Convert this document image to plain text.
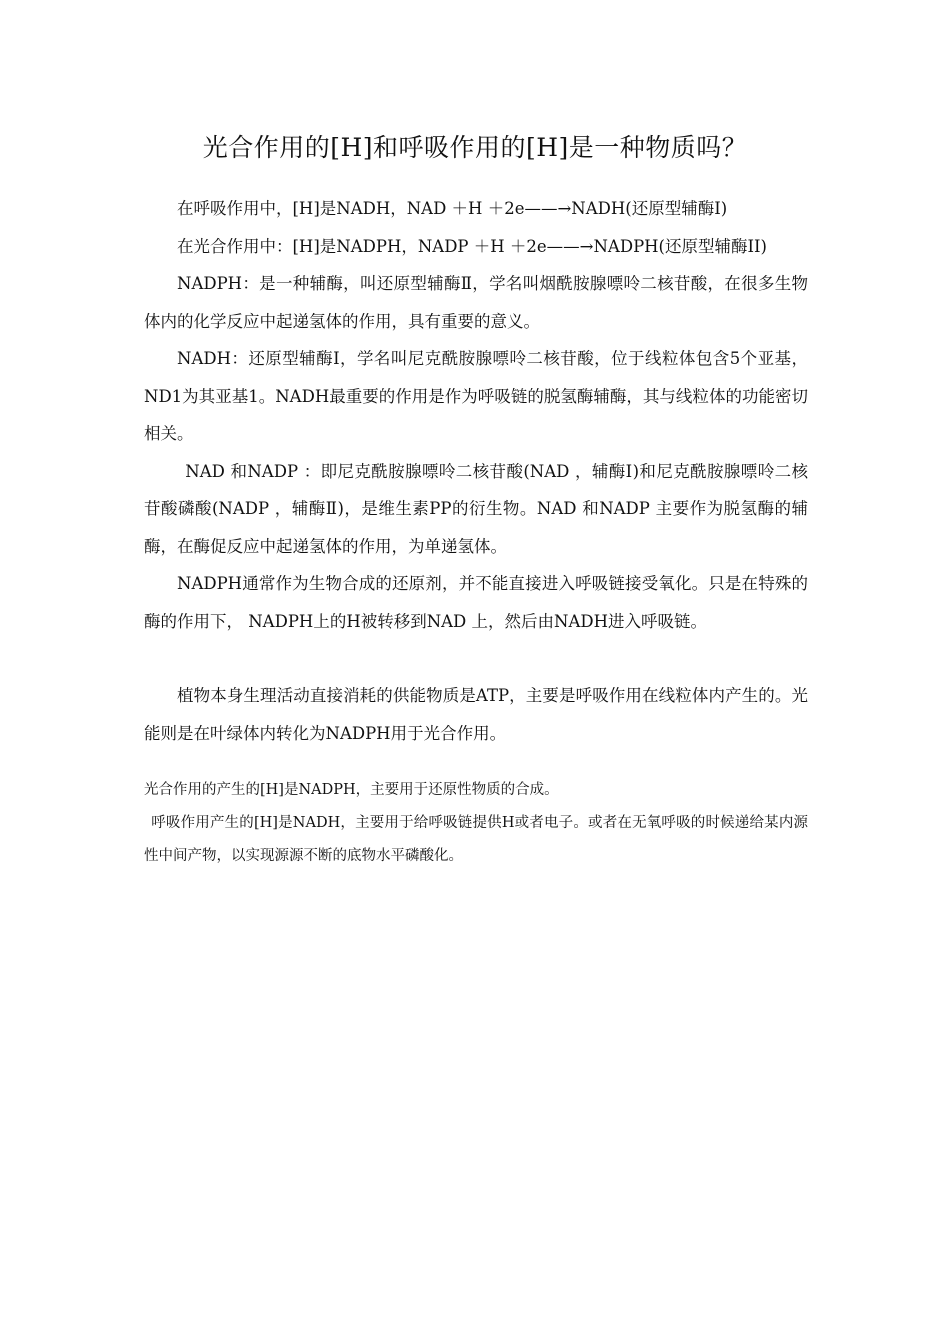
光合作用的[H]和呼吸作用的[H]是一种物质吗？

在呼吸作用中，[H]是NADH，NAD ＋H ＋2e——→NADH(还原型辅酶Ⅰ)

在光合作用中：[H]是NADPH，NADP ＋H ＋2e——→NADPH(还原型辅酶II)

NADPH：是一种辅酶，叫还原型辅酶Ⅱ，学名叫烟酰胺腺嘌呤二核苷酸，在很多生物体内的化学反应中起递氢体的作用，具有重要的意义。

NADH：还原型辅酶Ⅰ，学名叫尼克酰胺腺嘌呤二核苷酸，位于线粒体包含5个亚基，ND1为其亚基1。NADH最重要的作用是作为呼吸链的脱氢酶辅酶，其与线粒体的功能密切相关。

NAD 和NADP ：即尼克酰胺腺嘌呤二核苷酸(NAD ，辅酶Ⅰ)和尼克酰胺腺嘌呤二核苷酸磷酸(NADP ，辅酶Ⅱ)，是维生素PP的衍生物。NAD 和NADP 主要作为脱氢酶的辅酶，在酶促反应中起递氢体的作用，为单递氢体。

NADPH通常作为生物合成的还原剂，并不能直接进入呼吸链接受氧化。只是在特殊的酶的作用下， NADPH上的H被转移到NAD 上，然后由NADH进入呼吸链。

植物本身生理活动直接消耗的供能物质是ATP，主要是呼吸作用在线粒体内产生的。光能则是在叶绿体内转化为NADPH用于光合作用。

光合作用的产生的[H]是NADPH，主要用于还原性物质的合成。

呼吸作用产生的[H]是NADH，主要用于给呼吸链提供H或者电子。或者在无氧呼吸的时候递给某内源性中间产物，以实现源源不断的底物水平磷酸化。
